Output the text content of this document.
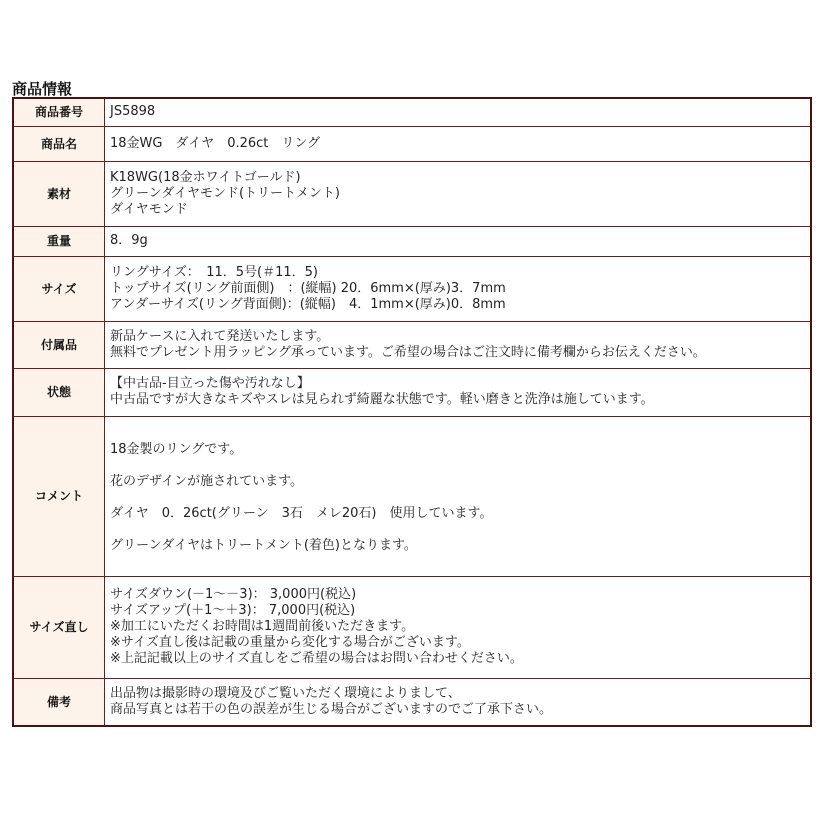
商品情報
商品番号	JS5898

商品名	18金WG　ダイヤ　0.26ct　リング

素材	K18WG(18金ホワイトゴールド)
グリーンダイヤモンド(トリートメント)
ダイヤモンド

重量	8．9g

サイズ	リングサイズ：　11．5号(＃11．5)
トップサイズ(リング前面側)　：(縦幅) 20．6mm×(厚み)3．7mm
アンダーサイズ(リング背面側)：(縦幅)　4．1mm×(厚み)0．8mm

付属品	新品ケースに入れて発送いたします。
無料でプレゼント用ラッピング承っています。ご希望の場合はご注文時に備考欄からお伝えください。

状態	【中古品-目立った傷や汚れなし】
中古品ですが大きなキズやスレは見られず綺麗な状態です。軽い磨きと洗浄は施しています。

コメント	18金製のリングです。
花のデザインが施されています。
ダイヤ　0．26ct(グリーン　3石　メレ20石)　使用しています。
グリーンダイヤはトリートメント(着色)となります。

サイズ直し	サイズダウン(－1～－3)： 3,000円(税込)
サイズアップ(＋1～＋3)： 7,000円(税込)
※加工にいただくお時間は1週間前後いただきます。
※サイズ直し後は記載の重量から変化する場合がございます。
※上記記載以上のサイズ直しをご希望の場合はお問い合わせください。

備考	出品物は撮影時の環境及びご覧いただく環境によりまして、
商品写真とは若干の色の誤差が生じる場合がございますのでご了承下さい。
